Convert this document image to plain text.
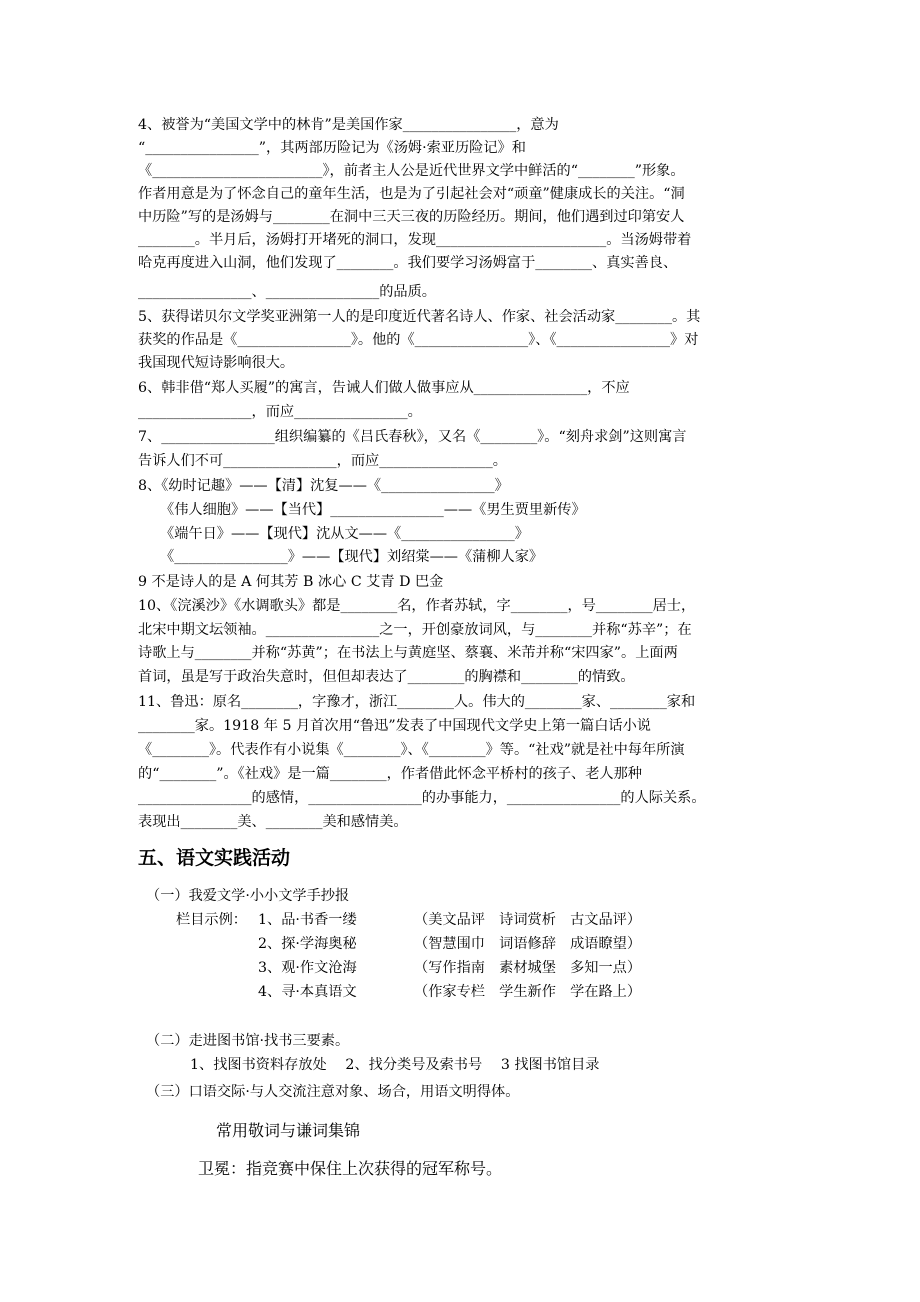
4、被誉为“美国文学中的林肯”是美国作家________________，意为
“________________”，其两部历险记为《汤姆·索亚历险记》和
《________________________》，前者主人公是近代世界文学中鲜活的“________”形象。
作者用意是为了怀念自己的童年生活，也是为了引起社会对“顽童”健康成长的关注。“洞
中历险”写的是汤姆与________在洞中三天三夜的历险经历。期间，他们遇到过印第安人
________。半月后，汤姆打开堵死的洞口，发现________________________。当汤姆带着
哈克再度进入山洞，他们发现了________。我们要学习汤姆富于________、真实善良、
________________、________________的品质。
5、获得诺贝尔文学奖亚洲第一人的是印度近代著名诗人、作家、社会活动家________。其
获奖的作品是《________________》。他的《________________》、《________________》对
我国现代短诗影响很大。
6、韩非借“郑人买履”的寓言，告诫人们做人做事应从________________，不应
________________，而应________________。
7、________________组织编纂的《吕氏春秋》，又名《________》。“刻舟求剑”这则寓言
告诉人们不可________________，而应________________。
8、《幼时记趣》——【清】沈复——《________________》
《伟人细胞》——【当代】________________——《男生贾里新传》
《端午日》——【现代】沈从文——《________________》
《________________》——【现代】刘绍棠——《蒲柳人家》
9 不是诗人的是 A 何其芳 B 冰心 C 艾青 D 巴金
10、《浣溪沙》《水调歌头》都是________名，作者苏轼，字________，号________居士，
北宋中期文坛领袖。________________之一，开创豪放词风，与________并称“苏辛”；在
诗歌上与________并称“苏黄”；在书法上与黄庭坚、蔡襄、米芾并称“宋四家”。上面两
首词，虽是写于政治失意时，但但却表达了________的胸襟和________的情致。
11、鲁迅：原名________，字豫才，浙江________人。伟大的________家、________家和
________家。1918 年 5 月首次用“鲁迅”发表了中国现代文学史上第一篇白话小说
《________》。代表作有小说集《________》、《________》等。“社戏”就是社中每年所演
的“________”。《社戏》是一篇________，作者借此怀念平桥村的孩子、老人那种
________________的感情，________________的办事能力，________________的人际关系。
表现出________美、________美和感情美。
五、语文实践活动
（一）我爱文学·小小文学手抄报
栏目示例： 1、品·书香一缕	（美文品评　诗词赏析　古文品评）
2、探·学海奥秘	（智慧围巾　词语修辞　成语瞭望）
3、观·作文沧海	（写作指南　素材城堡　多知一点）
4、寻·本真语文	（作家专栏　学生新作　学在路上）
（二）走进图书馆·找书三要素。
1、找图书资料存放处　 2、找分类号及索书号　 3 找图书馆目录
（三）口语交际·与人交流注意对象、场合，用语文明得体。
常用敬词与谦词集锦
卫冕：指竞赛中保住上次获得的冠军称号。
